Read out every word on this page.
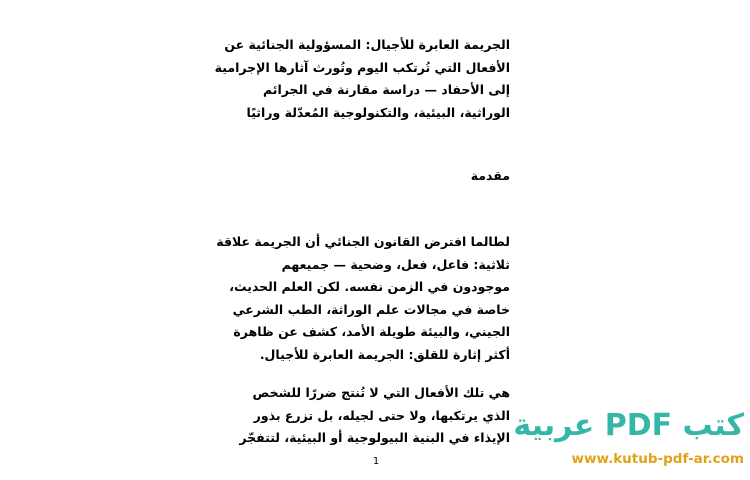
الجريمة العابرة للأجيال: المسؤولية الجنائية عن
الأفعال التي تُرتكب اليوم وتُورث آثارها الإجرامية
إلى الأحفاد — دراسة مقارنة في الجرائم
الوراثية، البيئية، والتكنولوجية المُعدّلة وراثيًا
مقدمة
لطالما افترض القانون الجنائي أن الجريمة علاقة
ثلاثية: فاعل، فعل، وضحية — جميعهم
موجودون في الزمن نفسه. لكن العلم الحديث،
خاصة في مجالات علم الوراثة، الطب الشرعي
الجيني، والبيئة طويلة الأمد، كشف عن ظاهرة
أكثر إثارة للقلق: الجريمة العابرة للأجيال.
هي تلك الأفعال التي لا تُنتج ضررًا للشخص
الذي يرتكبها، ولا حتى لجيله، بل تزرع بذور
الإيذاء في البنية البيولوجية أو البيئية، لتتفجّر
1
كتب PDF عربية
www.kutub-pdf-ar.com
